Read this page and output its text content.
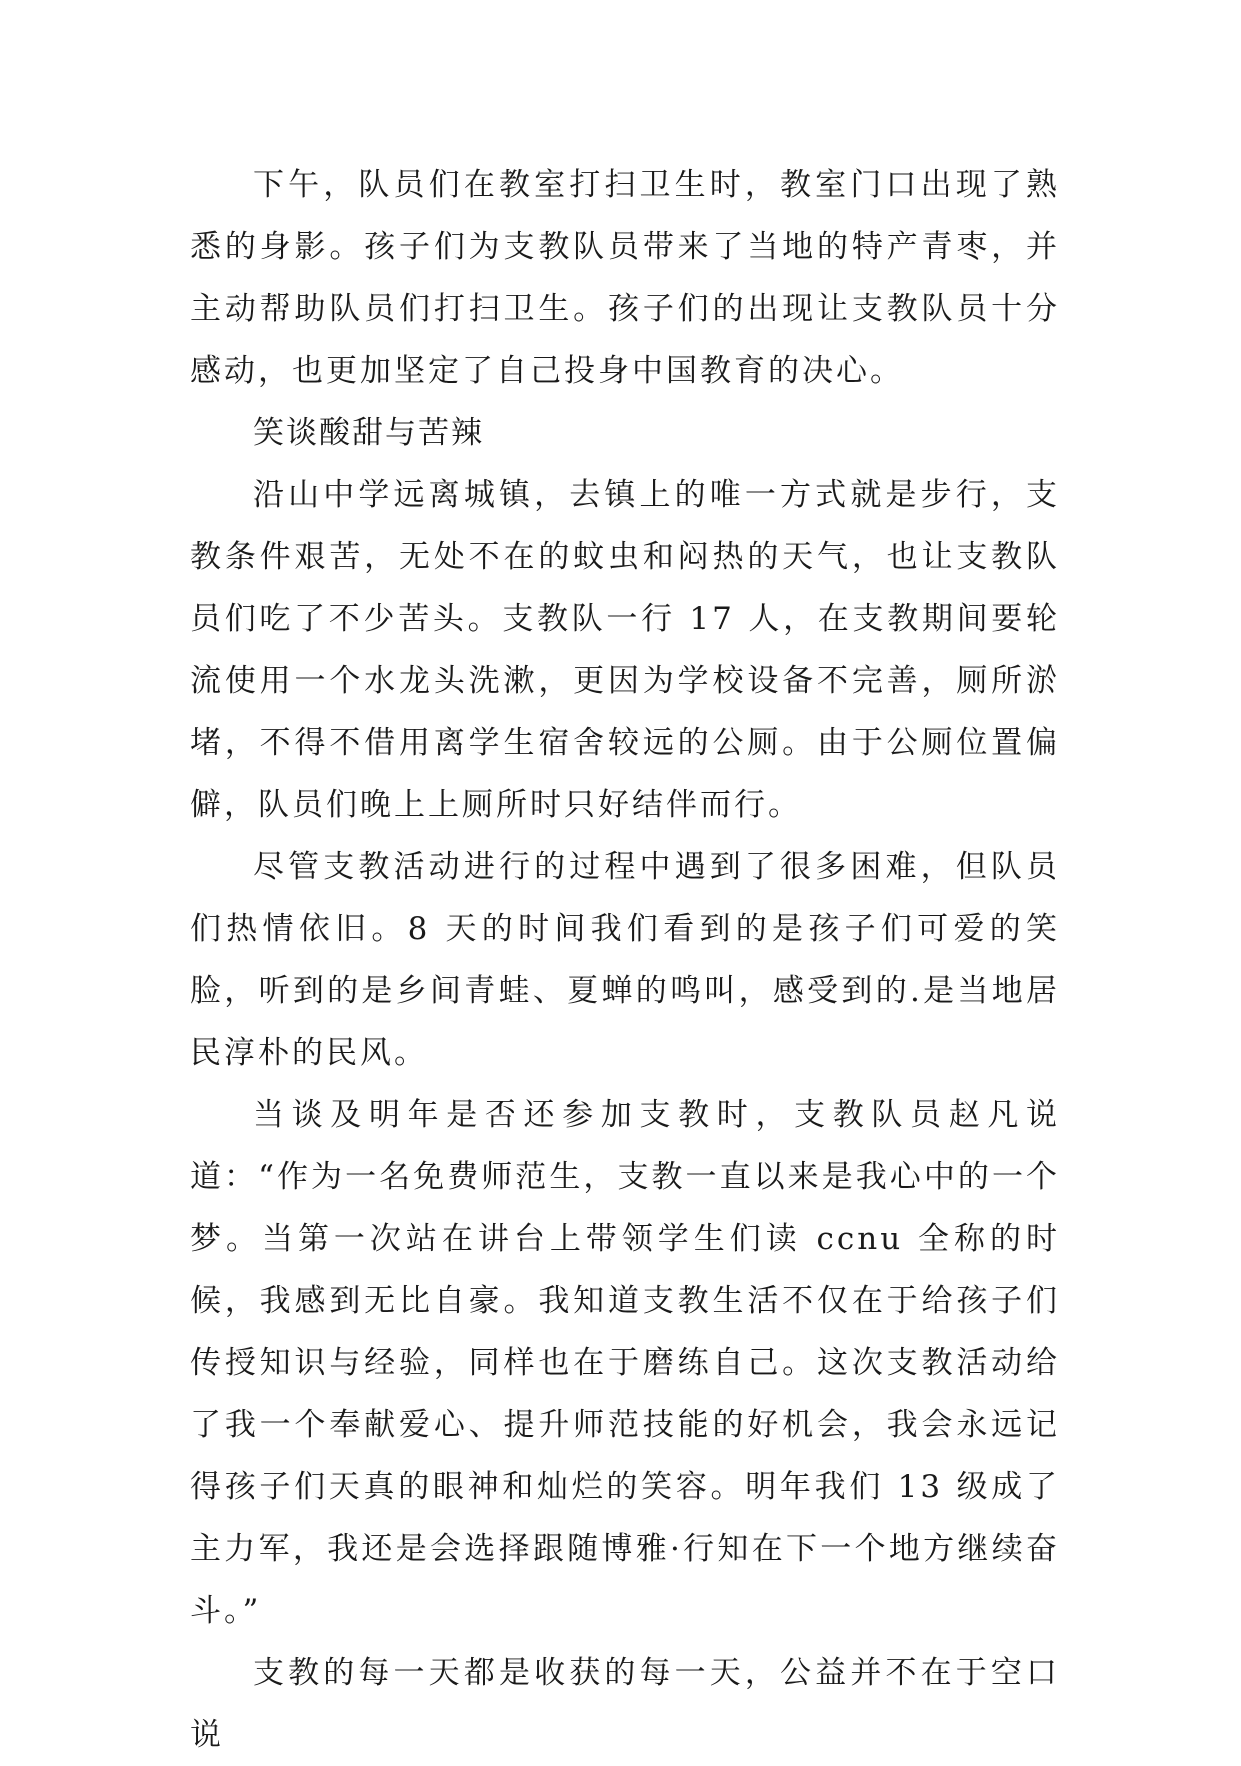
下午，队员们在教室打扫卫生时，教室门口出现了熟悉的身影。孩子们为支教队员带来了当地的特产青枣，并主动帮助队员们打扫卫生。孩子们的出现让支教队员十分感动，也更加坚定了自己投身中国教育的决心。

笑谈酸甜与苦辣

沿山中学远离城镇，去镇上的唯一方式就是步行，支教条件艰苦，无处不在的蚊虫和闷热的天气，也让支教队员们吃了不少苦头。支教队一行 17 人，在支教期间要轮流使用一个水龙头洗漱，更因为学校设备不完善，厕所淤堵，不得不借用离学生宿舍较远的公厕。由于公厕位置偏僻，队员们晚上上厕所时只好结伴而行。

尽管支教活动进行的过程中遇到了很多困难，但队员们热情依旧。8 天的时间我们看到的是孩子们可爱的笑脸，听到的是乡间青蛙、夏蝉的鸣叫，感受到的.是当地居民淳朴的民风。

当谈及明年是否还参加支教时，支教队员赵凡说道：“作为一名免费师范生，支教一直以来是我心中的一个梦。当第一次站在讲台上带领学生们读 ccnu 全称的时候，我感到无比自豪。我知道支教生活不仅在于给孩子们传授知识与经验，同样也在于磨练自己。这次支教活动给了我一个奉献爱心、提升师范技能的好机会，我会永远记得孩子们天真的眼神和灿烂的笑容。明年我们 13 级成了主力军，我还是会选择跟随博雅·行知在下一个地方继续奋斗。”

支教的每一天都是收获的每一天，公益并不在于空口说
